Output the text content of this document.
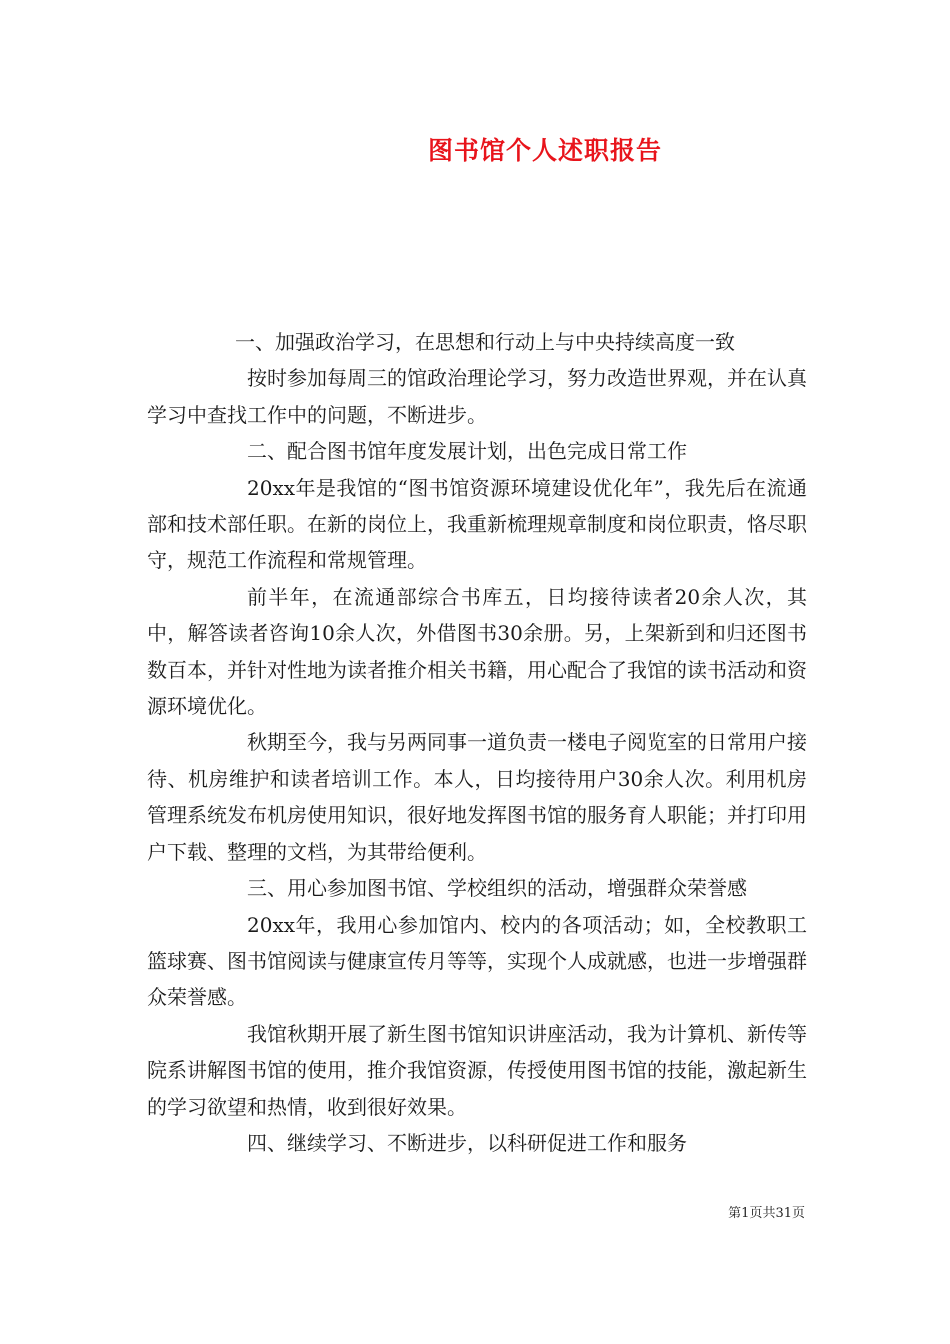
图书馆个人述职报告

一、加强政治学习，在思想和行动上与中央持续高度一致

按时参加每周三的馆政治理论学习，努力改造世界观，并在认真学习中查找工作中的问题，不断进步。

二、配合图书馆年度发展计划，出色完成日常工作

20xx年是我馆的“图书馆资源环境建设优化年”，我先后在流通部和技术部任职。在新的岗位上，我重新梳理规章制度和岗位职责，恪尽职守，规范工作流程和常规管理。

前半年，在流通部综合书库五，日均接待读者20余人次，其中，解答读者咨询10余人次，外借图书30余册。另，上架新到和归还图书数百本，并针对性地为读者推介相关书籍，用心配合了我馆的读书活动和资源环境优化。

秋期至今，我与另两同事一道负责一楼电子阅览室的日常用户接待、机房维护和读者培训工作。本人，日均接待用户30余人次。利用机房管理系统发布机房使用知识，很好地发挥图书馆的服务育人职能；并打印用户下载、整理的文档，为其带给便利。

三、用心参加图书馆、学校组织的活动，增强群众荣誉感

20xx年，我用心参加馆内、校内的各项活动；如，全校教职工篮球赛、图书馆阅读与健康宣传月等等，实现个人成就感，也进一步增强群众荣誉感。

我馆秋期开展了新生图书馆知识讲座活动，我为计算机、新传等院系讲解图书馆的使用，推介我馆资源，传授使用图书馆的技能，激起新生的学习欲望和热情，收到很好效果。

四、继续学习、不断进步，以科研促进工作和服务

第1页共31页
